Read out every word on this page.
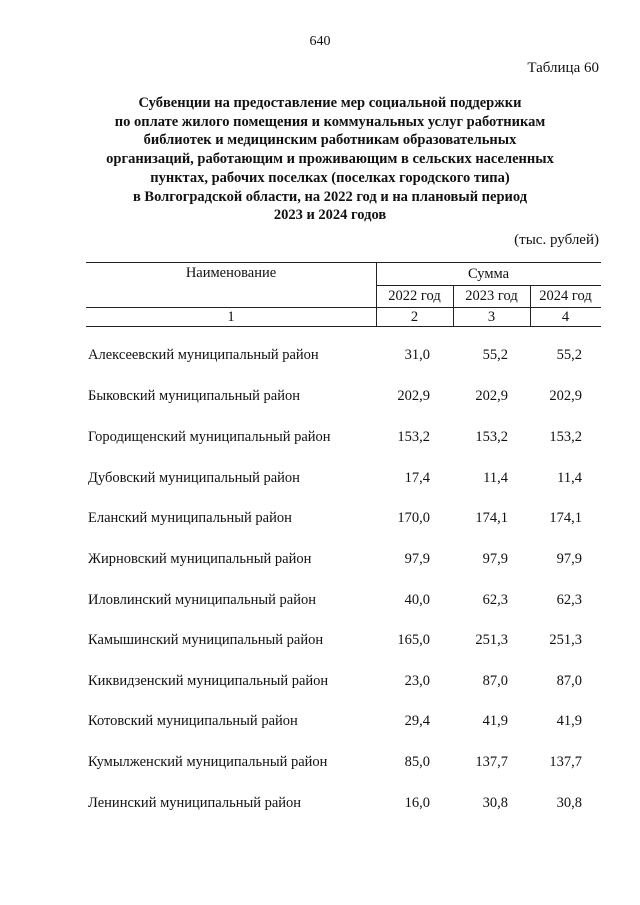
640
Таблица 60
Субвенции на предоставление мер социальной поддержки
по оплате жилого помещения и коммунальных услуг работникам
библиотек и медицинским работникам образовательных
организаций, работающим и проживающим в сельских населенных
пунктах, рабочих поселках (поселках городского типа)
в Волгоградской области, на 2022 год и на плановый период
2023 и 2024 годов
(тыс. рублей)
Наименование	Сумма
2022 год	2023 год	2024 год
1	2	3	4
Алексеевский муниципальный район	31,0	55,2	55,2
Быковский муниципальный район	202,9	202,9	202,9
Городищенский муниципальный район	153,2	153,2	153,2
Дубовский муниципальный район	17,4	11,4	11,4
Еланский муниципальный район	170,0	174,1	174,1
Жирновский муниципальный район	97,9	97,9	97,9
Иловлинский муниципальный район	40,0	62,3	62,3
Камышинский муниципальный район	165,0	251,3	251,3
Киквидзенский муниципальный район	23,0	87,0	87,0
Котовский муниципальный район	29,4	41,9	41,9
Кумылженский муниципальный район	85,0	137,7	137,7
Ленинский муниципальный район	16,0	30,8	30,8
